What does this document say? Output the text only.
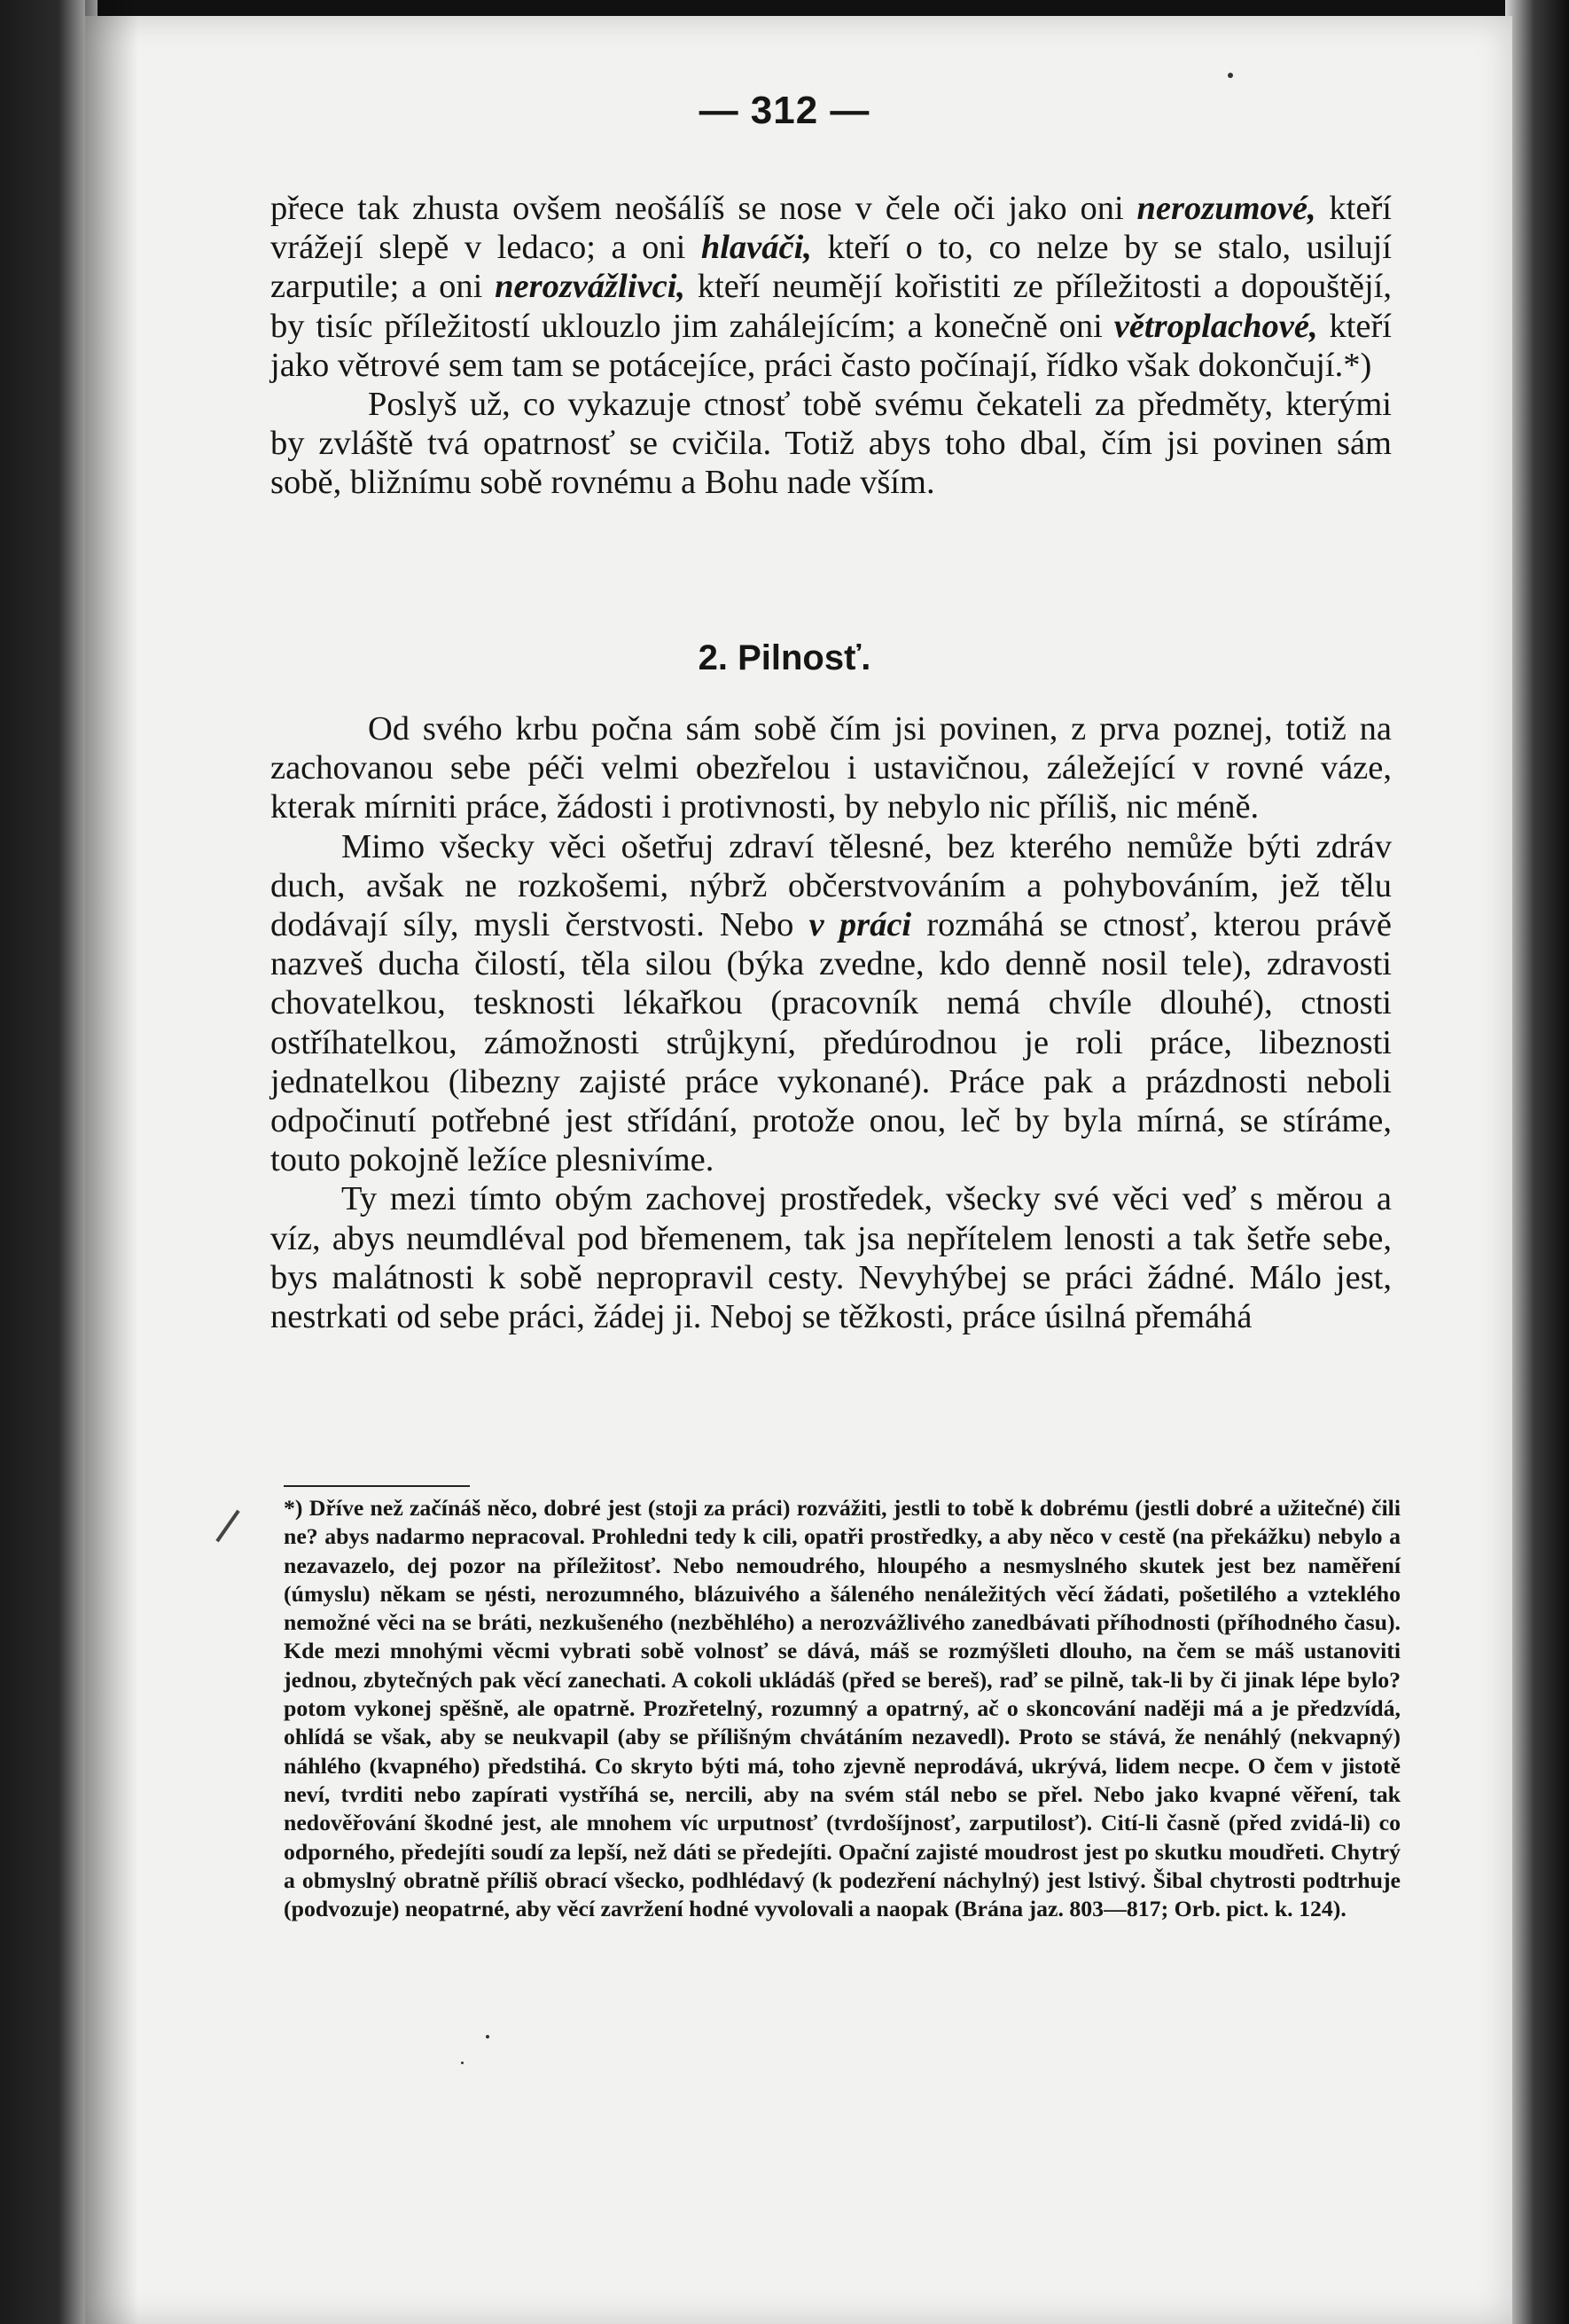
— 312 —

přece tak zhusta ovšem neošálíš se nose v čele oči jako oni nerozumové, kteří vrážejí slepě v ledaco; a oni hlaváči, kteří o to, co nelze by se stalo, usilují zarputile; a oni nerozvážlivci, kteří neumějí kořistiti ze příležitosti a dopouštějí, by tisíc příležitostí uklouzlo jim zahálejícím; a konečně oni větroplachové, kteří jako větrové sem tam se potácejíce, práci často počínají, řídko však dokončují.*)

Poslyš už, co vykazuje ctnosť tobě svému čekateli za předměty, kterými by zvláště tvá opatrnosť se cvičila. Totiž abys toho dbal, čím jsi povinen sám sobě, bližnímu sobě rovnému a Bohu nade vším.

2. Pilnosť.

Od svého krbu počna sám sobě čím jsi povinen, z prva poznej, totiž na zachovanou sebe péči velmi obezřelou i ustavičnou, záležející v rovné váze, kterak mírniti práce, žádosti i protivnosti, by nebylo nic příliš, nic méně.

Mimo všecky věci ošetřuj zdraví tělesné, bez kterého nemůže býti zdráv duch, avšak ne rozkošemi, nýbrž občerstvováním a pohybováním, jež tělu dodávají síly, mysli čerstvosti. Nebo v práci rozmáhá se ctnosť, kterou právě nazveš ducha čilostí, těla silou (býka zvedne, kdo denně nosil tele), zdravosti chovatelkou, tesknosti lékařkou (pracovník nemá chvíle dlouhé), ctnosti ostříhatelkou, zámožnosti strůjkyní, předúrodnou je roli práce, libeznosti jednatelkou (libezny zajisté práce vykonané). Práce pak a prázdnosti neboli odpočinutí potřebné jest střídání, protože onou, leč by byla mírná, se stíráme, touto pokojně ležíce plesnivíme.

Ty mezi tímto obým zachovej prostředek, všecky své věci veď s měrou a víz, abys neumdléval pod břemenem, tak jsa nepřítelem lenosti a tak šetře sebe, bys malátnosti k sobě nepropravil cesty. Nevyhýbej se práci žádné. Málo jest, nestrkati od sebe práci, žádej ji. Neboj se těžkosti, práce úsilná přemáhá

*) Dříve než začínáš něco, dobré jest (stoji za práci) rozvážiti, jestli to tobě k dobrému (jestli dobré a užitečné) čili ne? abys nadarmo nepracoval. Prohledni tedy k cili, opatři prostředky, a aby něco v cestě (na překážku) nebylo a nezavazelo, dej pozor na příležitosť. Nebo nemoudrého, hloupého a nesmyslného skutek jest bez naměření (úmyslu) někam se ŋésti, nerozumného, blázuivého a šáleného nenáležitých věcí žádati, pošetilého a vzteklého nemožné věci na se bráti, nezkušeného (nezběhlého) a nerozvážlivého zanedbávati příhodnosti (příhodného času). Kde mezi mnohými věcmi vybrati sobě volnosť se dává, máš se rozmýšleti dlouho, na čem se máš ustanoviti jednou, zbytečných pak věcí zanechati. A cokoli ukládáš (před se bereš), raď se pilně, tak-li by či jinak lépe bylo? potom vykonej spěšně, ale opatrně. Prozřetelný, rozumný a opatrný, ač o skoncování naději má a je předzvídá, ohlídá se však, aby se neukvapil (aby se přílišným chvátáním nezavedl). Proto se stává, že nenáhlý (nekvapný) náhlého (kvapného) předstihá. Co skryto býti má, toho zjevně neprodává, ukrývá, lidem necpe. O čem v jistotě neví, tvrditi nebo zapírati vystříhá se, nercili, aby na svém stál nebo se přel. Nebo jako kvapné věření, tak nedověřování škodné jest, ale mnohem víc urputnosť (tvrdošíjnosť, zarputilosť). Cití-li časně (před zvidá-li) co odporného, předejíti soudí za lepší, než dáti se předejíti. Opační zajisté moudrost jest po skutku moudřeti. Chytrý a obmyslný obratně příliš obrací všecko, podhlédavý (k podezření náchylný) jest lstivý. Šibal chytrosti podtrhuje (podvozuje) neopatrné, aby věcí zavržení hodné vyvolovali a naopak (Brána jaz. 803—817; Orb. pict. k. 124).
